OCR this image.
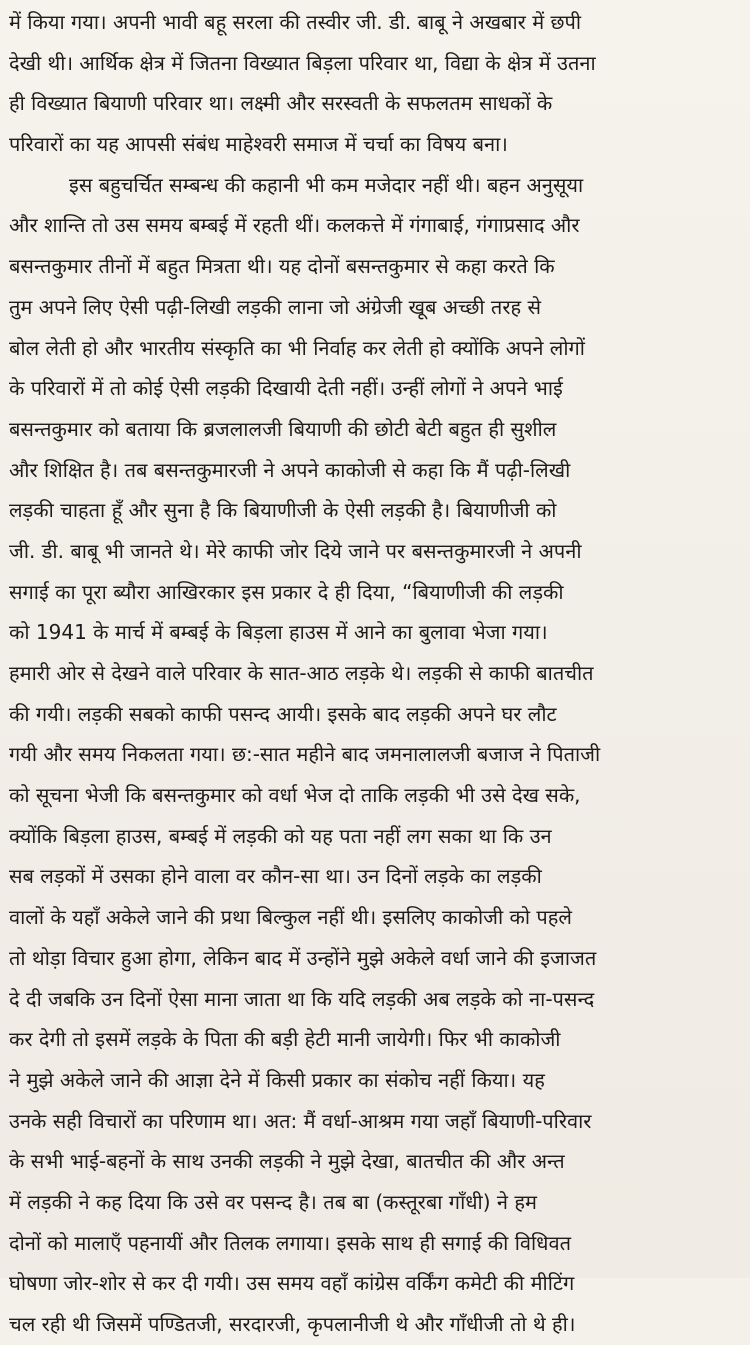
में किया गया। अपनी भावी बहू सरला की तस्वीर जी. डी. बाबू ने अखबार में छपी
देखी थी। आर्थिक क्षेत्र में जितना विख्यात बिड़ला परिवार था, विद्या के क्षेत्र में उतना
ही विख्यात बियाणी परिवार था। लक्ष्मी और सरस्वती के सफलतम साधकों के
परिवारों का यह आपसी संबंध माहेश्वरी समाज में चर्चा का विषय बना।
इस बहुचर्चित सम्बन्ध की कहानी भी कम मजेदार नहीं थी। बहन अनुसूया
और शान्ति तो उस समय बम्बई में रहती थीं। कलकत्ते में गंगाबाई, गंगाप्रसाद और
बसन्तकुमार तीनों में बहुत मित्रता थी। यह दोनों बसन्तकुमार से कहा करते कि
तुम अपने लिए ऐसी पढ़ी-लिखी लड़की लाना जो अंग्रेजी खूब अच्छी तरह से
बोल लेती हो और भारतीय संस्कृति का भी निर्वाह कर लेती हो क्योंकि अपने लोगों
के परिवारों में तो कोई ऐसी लड़की दिखायी देती नहीं। उन्हीं लोगों ने अपने भाई
बसन्तकुमार को बताया कि ब्रजलालजी बियाणी की छोटी बेटी बहुत ही सुशील
और शिक्षित है। तब बसन्तकुमारजी ने अपने काकोजी से कहा कि मैं पढ़ी-लिखी
लड़की चाहता हूँ और सुना है कि बियाणीजी के ऐसी लड़की है। बियाणीजी को
जी. डी. बाबू भी जानते थे। मेरे काफी जोर दिये जाने पर बसन्तकुमारजी ने अपनी
सगाई का पूरा ब्यौरा आखिरकार इस प्रकार दे ही दिया, “बियाणीजी की लड़की
को 1941 के मार्च में बम्बई के बिड़ला हाउस में आने का बुलावा भेजा गया।
हमारी ओर से देखने वाले परिवार के सात-आठ लड़के थे। लड़की से काफी बातचीत
की गयी। लड़की सबको काफी पसन्द आयी। इसके बाद लड़की अपने घर लौट
गयी और समय निकलता गया। छ:-सात महीने बाद जमनालालजी बजाज ने पिताजी
को सूचना भेजी कि बसन्तकुमार को वर्धा भेज दो ताकि लड़की भी उसे देख सके,
क्योंकि बिड़ला हाउस, बम्बई में लड़की को यह पता नहीं लग सका था कि उन
सब लड़कों में उसका होने वाला वर कौन-सा था। उन दिनों लड़के का लड़की
वालों के यहाँ अकेले जाने की प्रथा बिल्कुल नहीं थी। इसलिए काकोजी को पहले
तो थोड़ा विचार हुआ होगा, लेकिन बाद में उन्होंने मुझे अकेले वर्धा जाने की इजाजत
दे दी जबकि उन दिनों ऐसा माना जाता था कि यदि लड़की अब लड़के को ना-पसन्द
कर देगी तो इसमें लड़के के पिता की बड़ी हेटी मानी जायेगी। फिर भी काकोजी
ने मुझे अकेले जाने की आज्ञा देने में किसी प्रकार का संकोच नहीं किया। यह
उनके सही विचारों का परिणाम था। अत: मैं वर्धा-आश्रम गया जहाँ बियाणी-परिवार
के सभी भाई-बहनों के साथ उनकी लड़की ने मुझे देखा, बातचीत की और अन्त
में लड़की ने कह दिया कि उसे वर पसन्द है। तब बा (कस्तूरबा गाँधी) ने हम
दोनों को मालाएँ पहनायीं और तिलक लगाया। इसके साथ ही सगाई की विधिवत
घोषणा जोर-शोर से कर दी गयी। उस समय वहाँ कांग्रेस वर्किंग कमेटी की मीटिंग
चल रही थी जिसमें पण्डितजी, सरदारजी, कृपलानीजी थे और गाँधीजी तो थे ही।
